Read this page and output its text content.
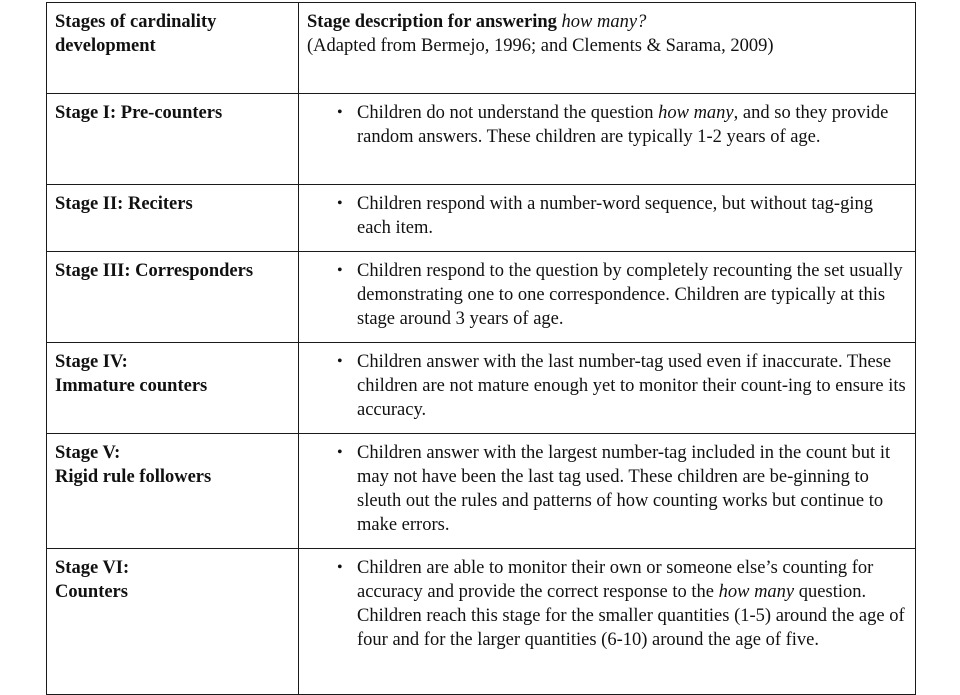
Stages of cardinality
development	Stage description for answering how many?
(Adapted from Bermejo, 1996; and Clements & Sarama, 2009)

Stage I: Pre-counters	• Children do not understand the question how many, and so they provide random answers. These children are typically 1-2 years of age.

Stage II: Reciters	• Children respond with a number-word sequence, but without tag-ging each item.

Stage III: Corresponders	• Children respond to the question by completely recounting the set usually demonstrating one to one correspondence. Children are typically at this stage around 3 years of age.

Stage IV:
Immature counters	• Children answer with the last number-tag used even if inaccurate. These children are not mature enough yet to monitor their count-ing to ensure its accuracy.

Stage V:
Rigid rule followers	• Children answer with the largest number-tag included in the count but it may not have been the last tag used. These children are be-ginning to sleuth out the rules and patterns of how counting works but continue to make errors.

Stage VI:
Counters	• Children are able to monitor their own or someone else’s counting for accuracy and provide the correct response to the how many question. Children reach this stage for the smaller quantities (1-5) around the age of four and for the larger quantities (6-10) around the age of five.
